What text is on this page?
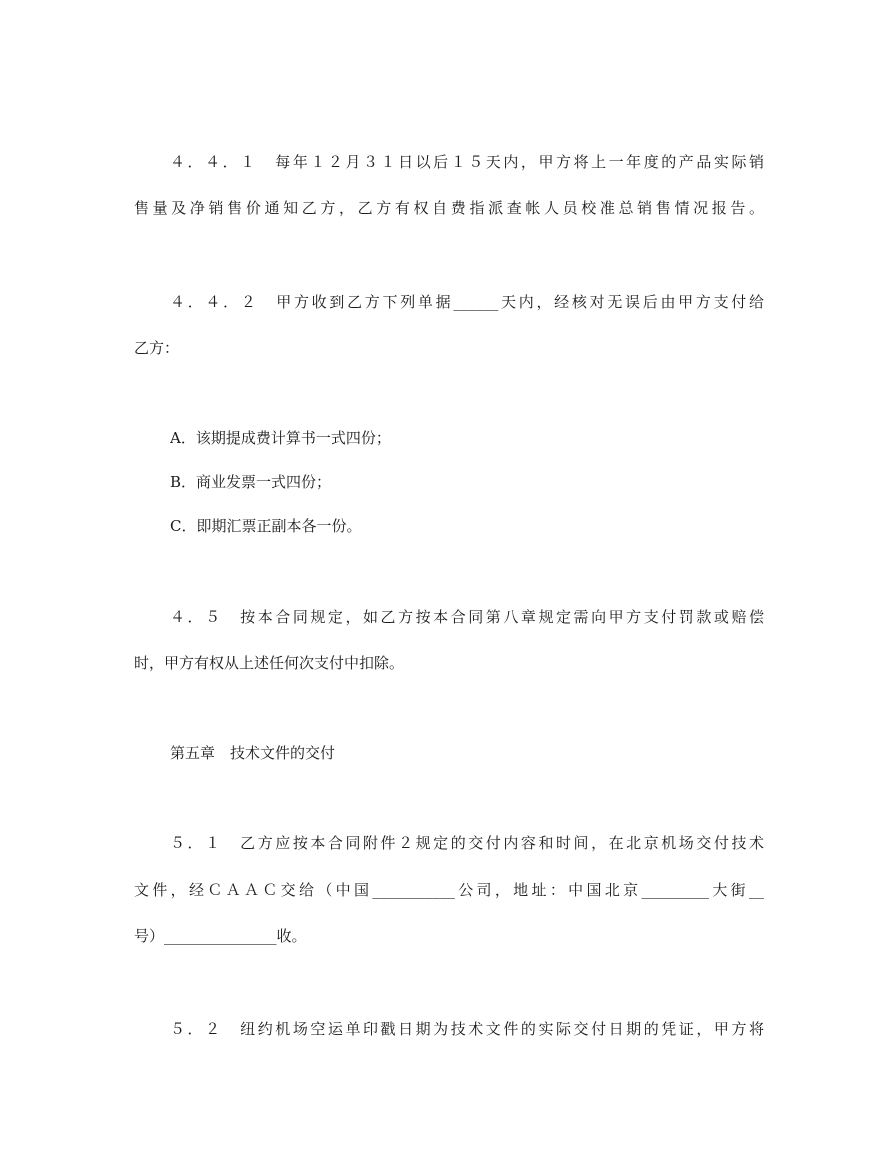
４．４．１　每年１２月３１日以后１５天内，甲方将上一年度的产品实际销
售量及净销售价通知乙方，乙方有权自费指派查帐人员校准总销售情况报告。
４．４．２　甲方收到乙方下列单据______天内，经核对无误后由甲方支付给
乙方：
A．该期提成费计算书一式四份；
B．商业发票一式四份；
C．即期汇票正副本各一份。
４．５　按本合同规定，如乙方按本合同第八章规定需向甲方支付罚款或赔偿
时，甲方有权从上述任何次支付中扣除。
第五章　技术文件的交付
５．１　乙方应按本合同附件２规定的交付内容和时间，在北京机场交付技术
文件，经ＣＡＡＣ交给（中国___________公司，地址：中国北京_________大街__
号）_______________收。
５．２　纽约机场空运单印戳日期为技术文件的实际交付日期的凭证，甲方将
